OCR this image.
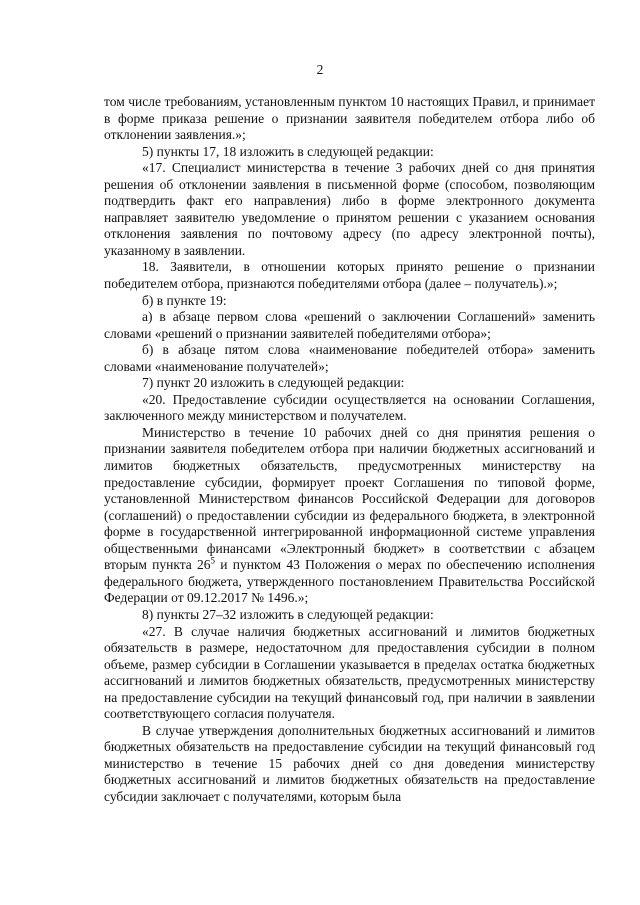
2

том числе требованиям, установленным пунктом 10 настоящих Правил, и принимает в форме приказа решение о признании заявителя победителем отбора либо об отклонении заявления.»;

5) пункты 17, 18 изложить в следующей редакции:

«17. Специалист министерства в течение 3 рабочих дней со дня принятия решения об отклонении заявления в письменной форме (способом, позволяющим подтвердить факт его направления) либо в форме электронного документа направляет заявителю уведомление о принятом решении с указанием основания отклонения заявления по почтовому адресу (по адресу электронной почты), указанному в заявлении.

18. Заявители, в отношении которых принято решение о признании победителем отбора, признаются победителями отбора (далее – получатель).»;

б) в пункте 19:

а) в абзаце первом слова «решений о заключении Соглашений» заменить словами «решений о признании заявителей победителями отбора»;

б) в абзаце пятом слова «наименование победителей отбора» заменить словами «наименование получателей»;

7) пункт 20 изложить в следующей редакции:

«20. Предоставление субсидии осуществляется на основании Соглашения, заключенного между министерством и получателем.

Министерство в течение 10 рабочих дней со дня принятия решения о признании заявителя победителем отбора при наличии бюджетных ассигнований и лимитов бюджетных обязательств, предусмотренных министерству на предоставление субсидии, формирует проект Соглашения по типовой форме, установленной Министерством финансов Российской Федерации для договоров (соглашений) о предоставлении субсидии из федерального бюджета, в электронной форме в государственной интегрированной информационной системе управления общественными финансами «Электронный бюджет» в соответствии с абзацем вторым пункта $26^5$ и пунктом 43 Положения о мерах по обеспечению исполнения федерального бюджета, утвержденного постановлением Правительства Российской Федерации от 09.12.2017 № 1496.»;

8) пункты 27–32 изложить в следующей редакции:

«27. В случае наличия бюджетных ассигнований и лимитов бюджетных обязательств в размере, недостаточном для предоставления субсидии в полном объеме, размер субсидии в Соглашении указывается в пределах остатка бюджетных ассигнований и лимитов бюджетных обязательств, предусмотренных министерству на предоставление субсидии на текущий финансовый год, при наличии в заявлении соответствующего согласия получателя.

В случае утверждения дополнительных бюджетных ассигнований и лимитов бюджетных обязательств на предоставление субсидии на текущий финансовый год министерство в течение 15 рабочих дней со дня доведения министерству бюджетных ассигнований и лимитов бюджетных обязательств на предоставление субсидии заключает с получателями, которым была
